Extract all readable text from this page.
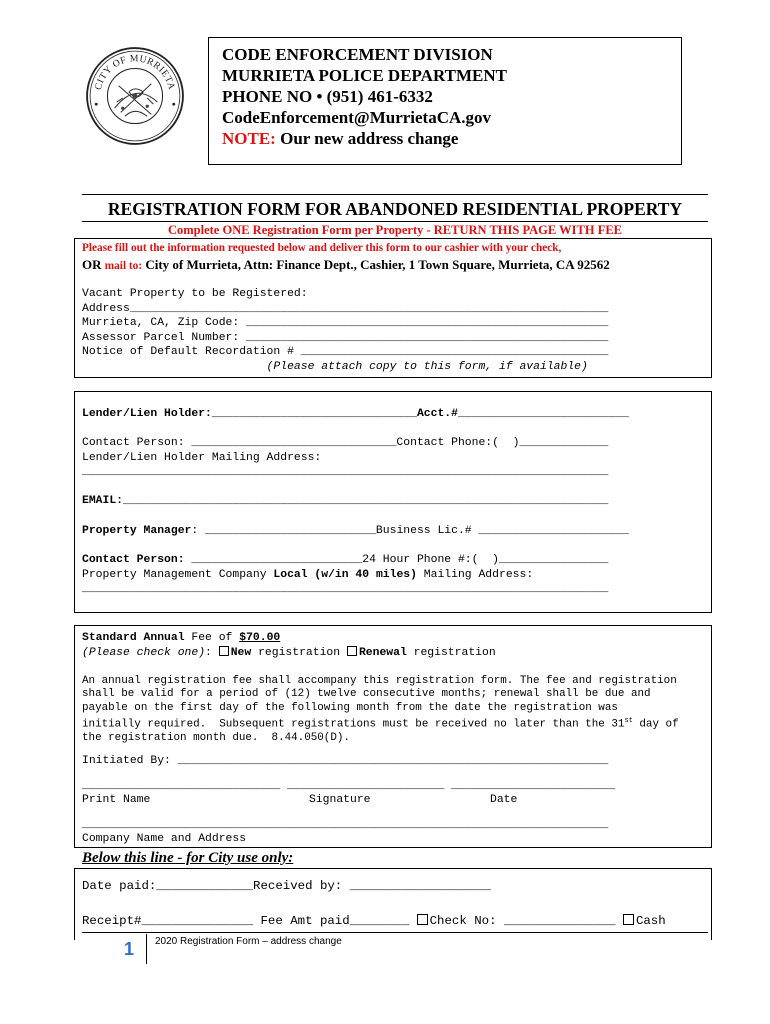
CITY OF MURRIETA
CODE ENFORCEMENT DIVISION
MURRIETA POLICE DEPARTMENT
PHONE NO • (951) 461-6332
CodeEnforcement@MurrietaCA.gov
NOTE: Our new address change
REGISTRATION FORM FOR ABANDONED RESIDENTIAL PROPERTY
Complete ONE Registration Form per Property - RETURN THIS PAGE WITH FEE
Please fill out the information requested below and deliver this form to our cashier with your check,
OR mail to: City of Murrieta, Attn: Finance Dept., Cashier, 1 Town Square, Murrieta, CA 92562
Vacant Property to be Registered:
Address______________________________________________________________________
Murrieta, CA, Zip Code: _____________________________________________________
Assessor Parcel Number: _____________________________________________________
Notice of Default Recordation # _____________________________________________
(Please attach copy to this form, if available)
Lender/Lien Holder:______________________________Acct.#_________________________
Contact Person: ______________________________Contact Phone:(  )_____________
Lender/Lien Holder Mailing Address:
_____________________________________________________________________________
EMAIL:_______________________________________________________________________
Property Manager: _________________________Business Lic.# ______________________
Contact Person: _________________________24 Hour Phone #:(  )________________
Property Management Company Local (w/in 40 miles) Mailing Address:
_____________________________________________________________________________
Standard Annual Fee of $70.00
(Please check one): New registration Renewal registration
An annual registration fee shall accompany this registration form. The fee and registration
shall be valid for a period of (12) twelve consecutive months; renewal shall be due and
payable on the first day of the following month from the date the registration was
initially required.  Subsequent registrations must be received no later than the 31st day of
the registration month due.  8.44.050(D).
Initiated By: _______________________________________________________________
_____________________________ _______________________ ________________________
Print Name	Signature	Date
_____________________________________________________________________________
Company Name and Address
Below this line - for City use only:
Date paid:_____________Received by: ___________________
Receipt#_______________ Fee Amt paid________ Check No: _______________ Cash
1 2020 Registration Form – address change
